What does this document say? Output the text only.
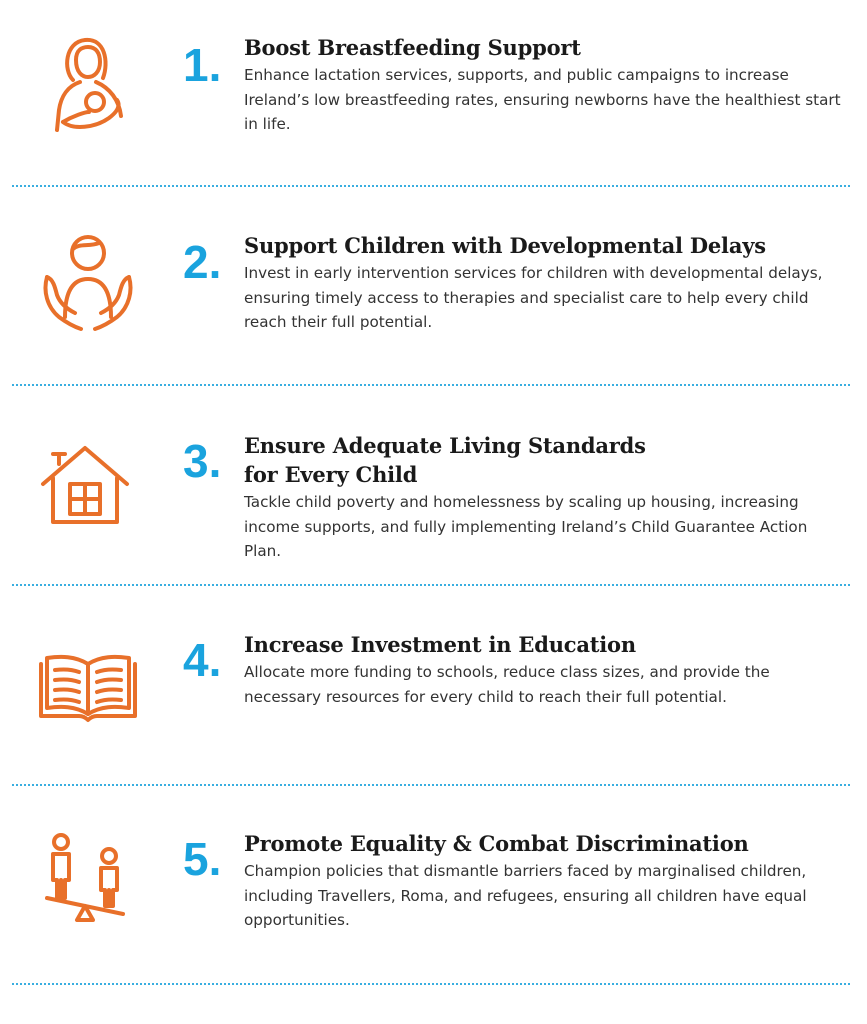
1. Boost Breastfeeding Support

Enhance lactation services, supports, and public campaigns to increase Ireland’s low breastfeeding rates, ensuring newborns have the healthiest start in life.

2. Support Children with Developmental Delays

Invest in early intervention services for children with developmental delays, ensuring timely access to therapies and specialist care to help every child reach their full potential.

3. Ensure Adequate Living Standards
for Every Child

Tackle child poverty and homelessness by scaling up housing, increasing income supports, and fully implementing Ireland’s Child Guarantee Action Plan.

4. Increase Investment in Education

Allocate more funding to schools, reduce class sizes, and provide the necessary resources for every child to reach their full potential.

5. Promote Equality & Combat Discrimination

Champion policies that dismantle barriers faced by marginalised children, including Travellers, Roma, and refugees, ensuring all children have equal opportunities.
